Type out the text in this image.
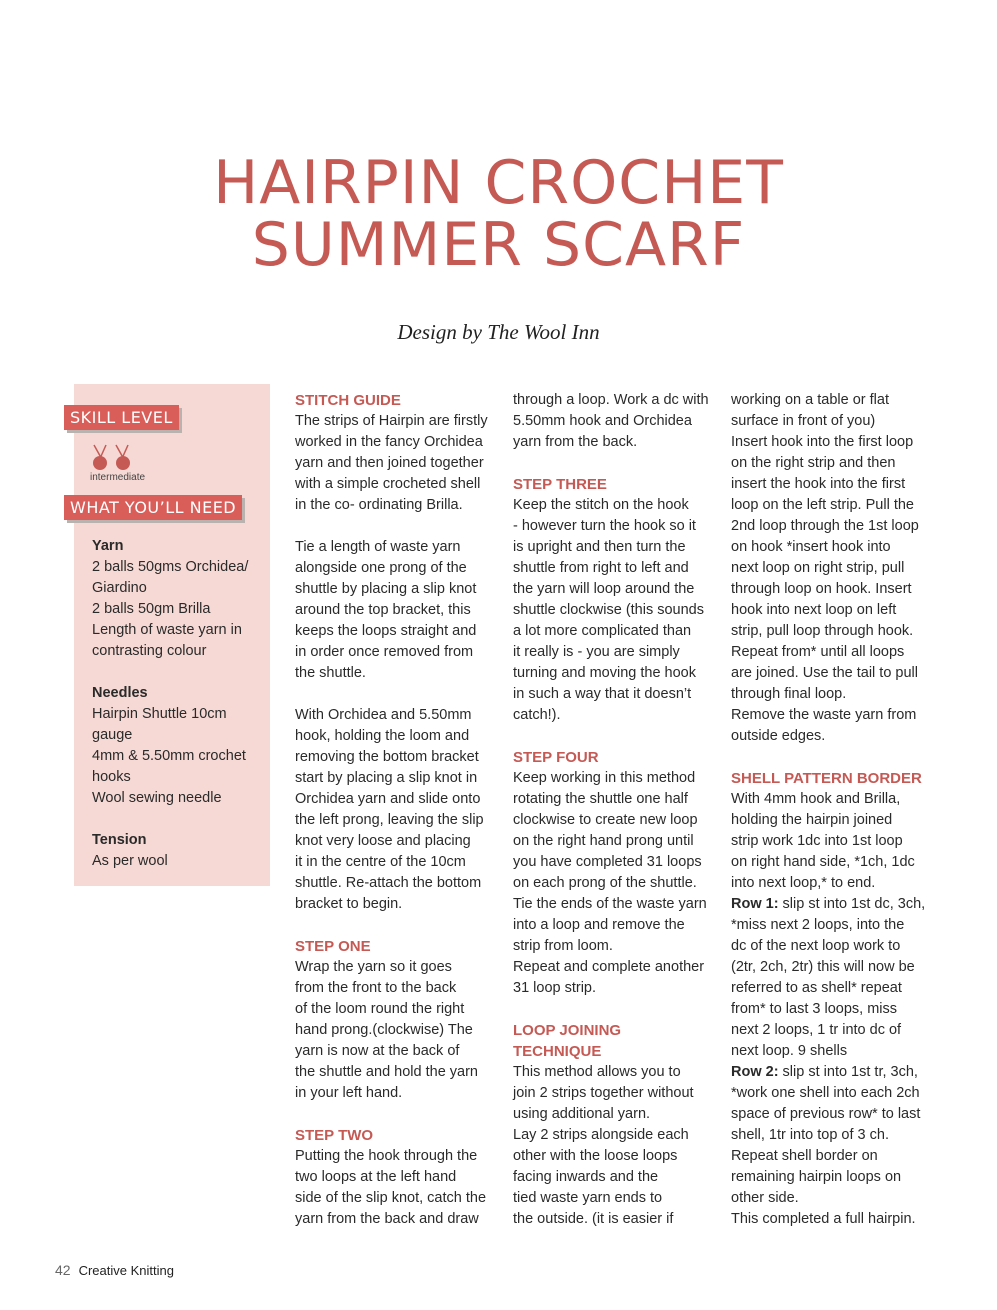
HAIRPIN CROCHET
SUMMER SCARF
Design by The Wool Inn
SKILL LEVEL
intermediate
WHAT YOU’LL NEED
Yarn
2 balls 50gms Orchidea/
Giardino
2 balls 50gm Brilla
Length of waste yarn in
contrasting colour
Needles
Hairpin Shuttle 10cm
gauge
4mm & 5.50mm crochet
hooks
Wool sewing needle
Tension
As per wool

STITCH GUIDE

The strips of Hairpin are firstly

worked in the fancy Orchidea

yarn and then joined together

with a simple crocheted shell

in the co- ordinating Brilla.

Tie a length of waste yarn

alongside one prong of the

shuttle by placing a slip knot

around the top bracket, this

keeps the loops straight and

in order once removed from

the shuttle.

With Orchidea and 5.50mm

hook, holding the loom and

removing the bottom bracket

start by placing a slip knot in

Orchidea yarn and slide onto

the left prong, leaving the slip

knot very loose and placing

it in the centre of the 10cm

shuttle. Re-attach the bottom

bracket to begin.

STEP ONE

Wrap the yarn so it goes

from the front to the back

of the loom round the right

hand prong.(clockwise) The

yarn is now at the back of

the shuttle and hold the yarn

in your left hand.

STEP TWO

Putting the hook through the

two loops at the left hand

side of the slip knot, catch the

yarn from the back and draw

through a loop. Work a dc with

5.50mm hook and Orchidea

yarn from the back.

STEP THREE

Keep the stitch on the hook

- however turn the hook so it

is upright and then turn the

shuttle from right to left and

the yarn will loop around the

shuttle clockwise (this sounds

a lot more complicated than

it really is - you are simply

turning and moving the hook

in such a way that it doesn’t

catch!).

STEP FOUR

Keep working in this method

rotating the shuttle one half

clockwise to create new loop

on the right hand prong until

you have completed 31 loops

on each prong of the shuttle.

Tie the ends of the waste yarn

into a loop and remove the

strip from loom.

Repeat and complete another

31 loop strip.

LOOP JOINING

TECHNIQUE

This method allows you to

join 2 strips together without

using additional yarn.

Lay 2 strips alongside each

other with the loose loops

facing inwards and the

tied waste yarn ends to

the outside. (it is easier if

working on a table or flat

surface in front of you)

Insert hook into the first loop

on the right strip and then

insert the hook into the first

loop on the left strip. Pull the

2nd loop through the 1st loop

on hook *insert hook into

next loop on right strip, pull

through loop on hook. Insert

hook into next loop on left

strip, pull loop through hook.

Repeat from* until all loops

are joined. Use the tail to pull

through final loop.

Remove the waste yarn from

outside edges.

SHELL PATTERN BORDER

With 4mm hook and Brilla,

holding the hairpin joined

strip work 1dc into 1st loop

on right hand side, *1ch, 1dc

into next loop,* to end.

Row 1: slip st into 1st dc, 3ch,

*miss next 2 loops, into the

dc of the next loop work to

(2tr, 2ch, 2tr) this will now be

referred to as shell* repeat

from* to last 3 loops, miss

next 2 loops, 1 tr into dc of

next loop. 9 shells

Row 2: slip st into 1st tr, 3ch,

*work one shell into each 2ch

space of previous row* to last

shell, 1tr into top of 3 ch.

Repeat shell border on

remaining hairpin loops on

other side.

This completed a full hairpin.

42 Creative Knitting
